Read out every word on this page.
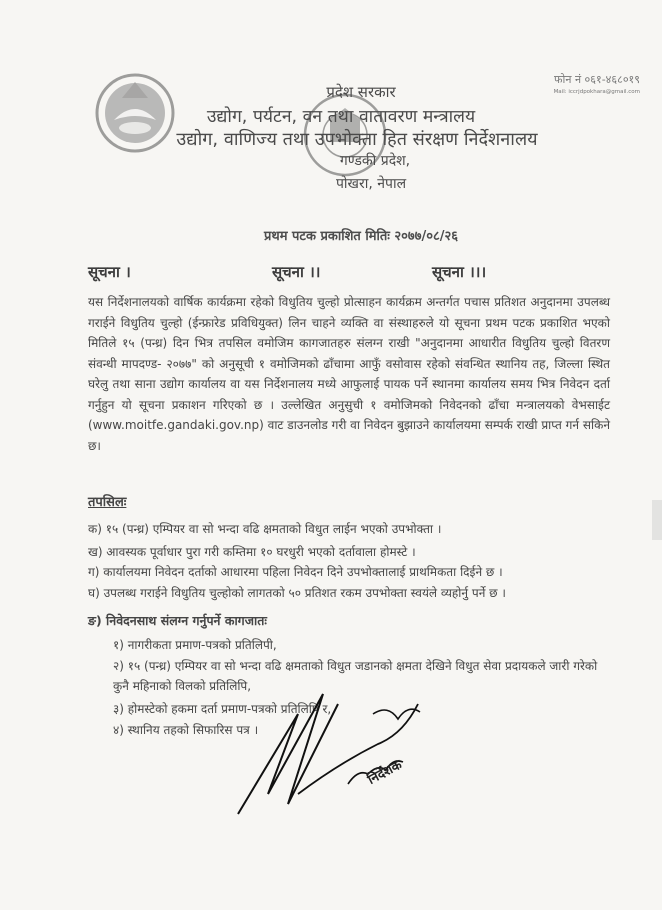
फोन नं ०६१-४६८०१९
Mail: iccrjdpokhara@gmail.com
प्रदेश सरकार
उद्योग, पर्यटन, वन तथा वातावरण मन्त्रालय
उद्योग, वाणिज्य तथा उपभोक्ता हित संरक्षण निर्देशनालय
गण्डकी प्रदेश,
पोखरा, नेपाल
प्रथम पटक प्रकाशित मितिः २०७७/०८/२६
सूचना ।	सूचना ।।	सूचना ।।।
यस निर्देशनालयको वार्षिक कार्यक्रमा रहेको विधुतिय चुल्हो प्रोत्साहन कार्यक्रम अन्तर्गत पचास प्रतिशत अनुदानमा उपलब्ध गराईने विधुतिय चुल्हो (ईन्फ्रारेड प्रविधियुक्त) लिन चाहने व्यक्ति वा संस्थाहरुले यो सूचना प्रथम पटक प्रकाशित भएको मितिले १५ (पन्ध्र) दिन भित्र तपसिल वमोजिम कागजातहरु संलग्न राखी "अनुदानमा आधारीत विधुतिय चुल्हो वितरण संवन्धी मापदण्ड- २०७७" को अनुसूची १ वमोजिमको ढाँचामा आफुँ वसोवास रहेको संवन्धित स्थानिय तह, जिल्ला स्थित घरेलु तथा साना उद्योग कार्यालय वा यस निर्देशनालय मध्ये आफुलाई पायक पर्ने स्थानमा कार्यालय समय भित्र निवेदन दर्ता गर्नुहुन यो सूचना प्रकाशन गरिएको छ । उल्लेखित अनुसुची १ वमोजिमको निवेदनको ढाँचा मन्त्रालयको वेभसाईट (www.moitfe.gandaki.gov.np) वाट डाउनलोड गरी वा निवेदन बुझाउने कार्यालयमा सम्पर्क राखी प्राप्त गर्न सकिने छ।
तपसिलः
क) १५ (पन्ध्र) एम्पियर वा सो भन्दा वढि क्षमताको विधुत लाईन भएको उपभोक्ता ।
ख) आवस्यक पूर्वाधार पुरा गरी कम्तिमा १० घरधुरी भएको दर्तावाला होमस्टे ।
ग) कार्यालयमा निवेदन दर्ताको आधारमा पहिला निवेदन दिने उपभोक्तालाई प्राथमिकता दिईने छ ।
घ) उपलब्ध गराईने विधुतिय चुल्होको लागतको ५० प्रतिशत रकम उपभोक्ता स्वयंले व्यहोर्नु पर्ने छ ।
ङ) निवेदनसाथ संलग्न गर्नुपर्ने कागजातः
१) नागरीकता प्रमाण-पत्रको प्रतिलिपी,
२) १५ (पन्ध्र) एम्पियर वा सो भन्दा वढि क्षमताको विधुत जडानको क्षमता देखिने विधुत सेवा प्रदायकले जारी गरेको कुनै महिनाको विलको प्रतिलिपि,
३) होमस्टेको हकमा दर्ता प्रमाण-पत्रको प्रतिलिपि र,
४) स्थानिय तहको सिफारिस पत्र ।
निर्देशक
